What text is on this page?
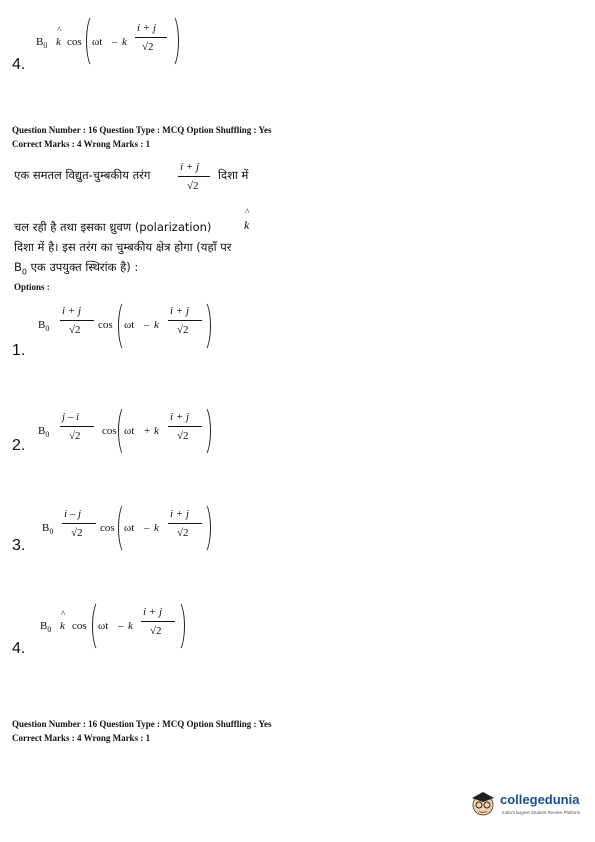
$B_0$
^
k cos ωt – k
i + j
√2
4.
Question Number : 16 Question Type : MCQ Option Shuffling : Yes
Correct Marks : 4 Wrong Marks : 1
एक समतल विद्युत-चुम्बकीय तरंग
i + j
√2
दिशा में
चल रही है तथा इसका ध्रुवण (polarization)
^
k
दिशा में है। इस तरंग का चुम्बकीय क्षेत्र होगा (यहाँ पर
$B_0$ एक उपयुक्त स्थिरांक है) :
Options :
$B_0$
i + j
√2 cos ωt – k
i + j
√2
1.
$B_0$
j – i
√2 cos ωt + k
i + j
√2
2.
$B_0$
i – j
√2 cos ωt – k
i + j
√2
3.
$B_0$
^
k cos ωt – k
i + j
√2
4.
Question Number : 16 Question Type : MCQ Option Shuffling : Yes
Correct Marks : 4 Wrong Marks : 1
collegedunia
India's largest Student Review Platform
